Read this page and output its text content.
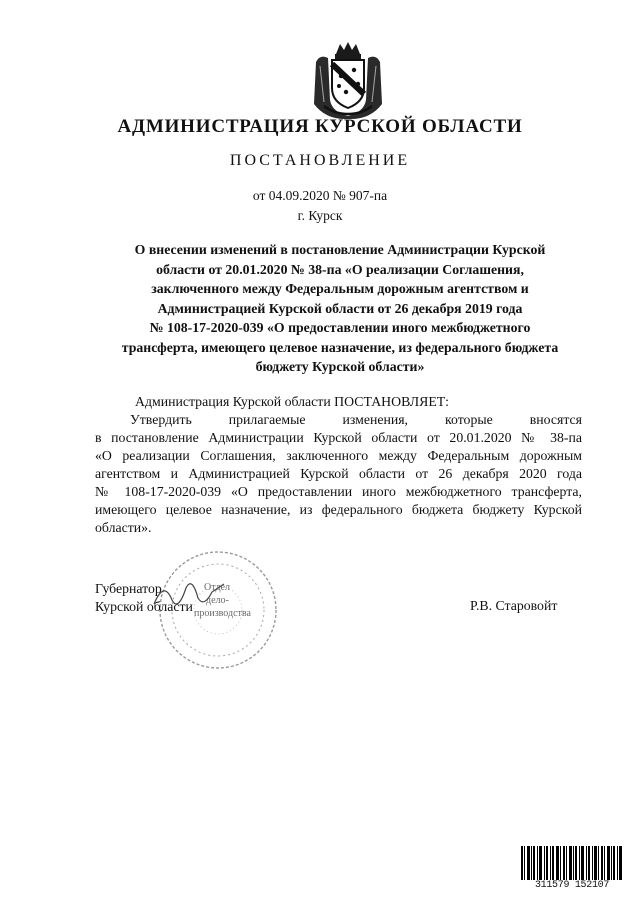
АДМИНИСТРАЦИЯ КУРСКОЙ ОБЛАСТИ
ПОСТАНОВЛЕНИЕ
от 04.09.2020 № 907-па
г. Курск
О внесении изменений в постановление Администрации Курской
области от 20.01.2020 № 38-па «О реализации Соглашения,
заключенного между Федеральным дорожным агентством и
Администрацией Курской области от 26 декабря 2019 года
№ 108-17-2020-039 «О предоставлении иного межбюджетного
трансферта, имеющего целевое назначение, из федерального бюджета
бюджету Курской области»
Администрация Курской области ПОСТАНОВЛЯЕТ:
Утвердить прилагаемые изменения, которые вносятся
в постановление Администрации Курской области от 20.01.2020 № 38-па
«О реализации Соглашения, заключенного между Федеральным дорожным
агентством и Администрацией Курской области от 26 декабря 2020 года
№ 108-17-2020-039 «О предоставлении иного межбюджетного трансферта,
имеющего целевое назначение, из федерального бюджета бюджету Курской
области».
Отдел
дело-
производства
Губернатор
Курской области	Р.В. Старовойт
311579 152107
